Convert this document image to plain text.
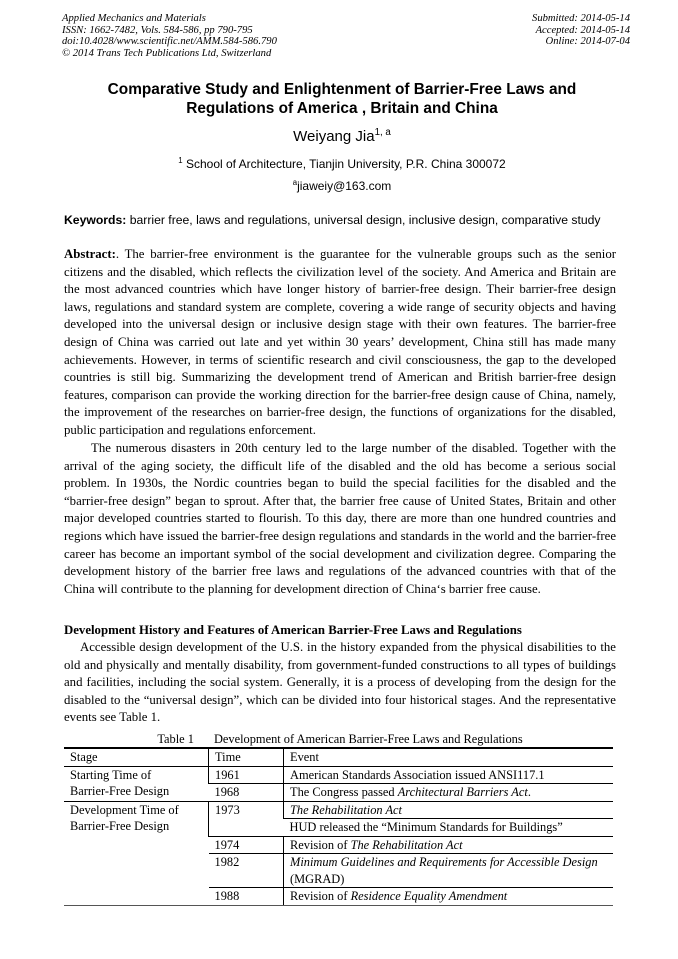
Applied Mechanics and Materials
ISSN: 1662-7482, Vols. 584-586, pp 790-795
doi:10.4028/www.scientific.net/AMM.584-586.790
© 2014 Trans Tech Publications Ltd, Switzerland
Submitted: 2014-05-14
Accepted: 2014-05-14
Online: 2014-07-04
Comparative Study and Enlightenment of Barrier-Free Laws and
Regulations of America , Britain and China
Weiyang Jia$^{1, a}$
$^1$ School of Architecture, Tianjin University, P.R. China 300072
$^a$jiaweiy@163.com
Keywords: barrier free, laws and regulations, universal design, inclusive design, comparative study
Abstract:. The barrier-free environment is the guarantee for the vulnerable groups such as the senior citizens and the disabled, which reflects the civilization level of the society. And America and Britain are the most advanced countries which have longer history of barrier-free design. Their barrier-free design laws, regulations and standard system are complete, covering a wide range of security objects and having developed into the universal design or inclusive design stage with their own features. The barrier-free design of China was carried out late and yet within 30 years’ development, China still has made many achievements. However, in terms of scientific research and civil consciousness, the gap to the developed countries is still big. Summarizing the development trend of American and British barrier-free design features, comparison can provide the working direction for the barrier-free design cause of China, namely, the improvement of the researches on barrier-free design, the functions of organizations for the disabled, public participation and regulations enforcement.
The numerous disasters in 20th century led to the large number of the disabled. Together with the arrival of the aging society, the difficult life of the disabled and the old has become a serious social problem. In 1930s, the Nordic countries began to build the special facilities for the disabled and the “barrier-free design” began to sprout. After that, the barrier free cause of United States, Britain and other major developed countries started to flourish. To this day, there are more than one hundred countries and regions which have issued the barrier-free design regulations and standards in the world and the barrier-free career has become an important symbol of the social development and civilization degree. Comparing the development history of the barrier free laws and regulations of the advanced countries with that of the China will contribute to the planning for development direction of China‘s barrier free cause.
Development History and Features of American Barrier-Free Laws and Regulations
Accessible design development of the U.S. in the history expanded from the physical disabilities to the old and physically and mentally disability, from government-funded constructions to all types of buildings and facilities, including the social system. Generally, it is a process of developing from the design for the disabled to the “universal design”, which can be divided into four historical stages. And the representative events see Table 1.
Table 1 Development of American Barrier-Free Laws and Regulations
Stage	Time	Event

Starting Time of
Barrier-Free Design	1961	American Standards Association issued ANSI117.1
	1968	The Congress passed Architectural Barriers Act.

Development Time of
Barrier-Free Design	1973	The Rehabilitation Act
		HUD released the “Minimum Standards for Buildings”
	1974	Revision of The Rehabilitation Act
	1982	Minimum Guidelines and Requirements for Accessible Design (MGRAD)
	1988	Revision of Residence Equality Amendment
